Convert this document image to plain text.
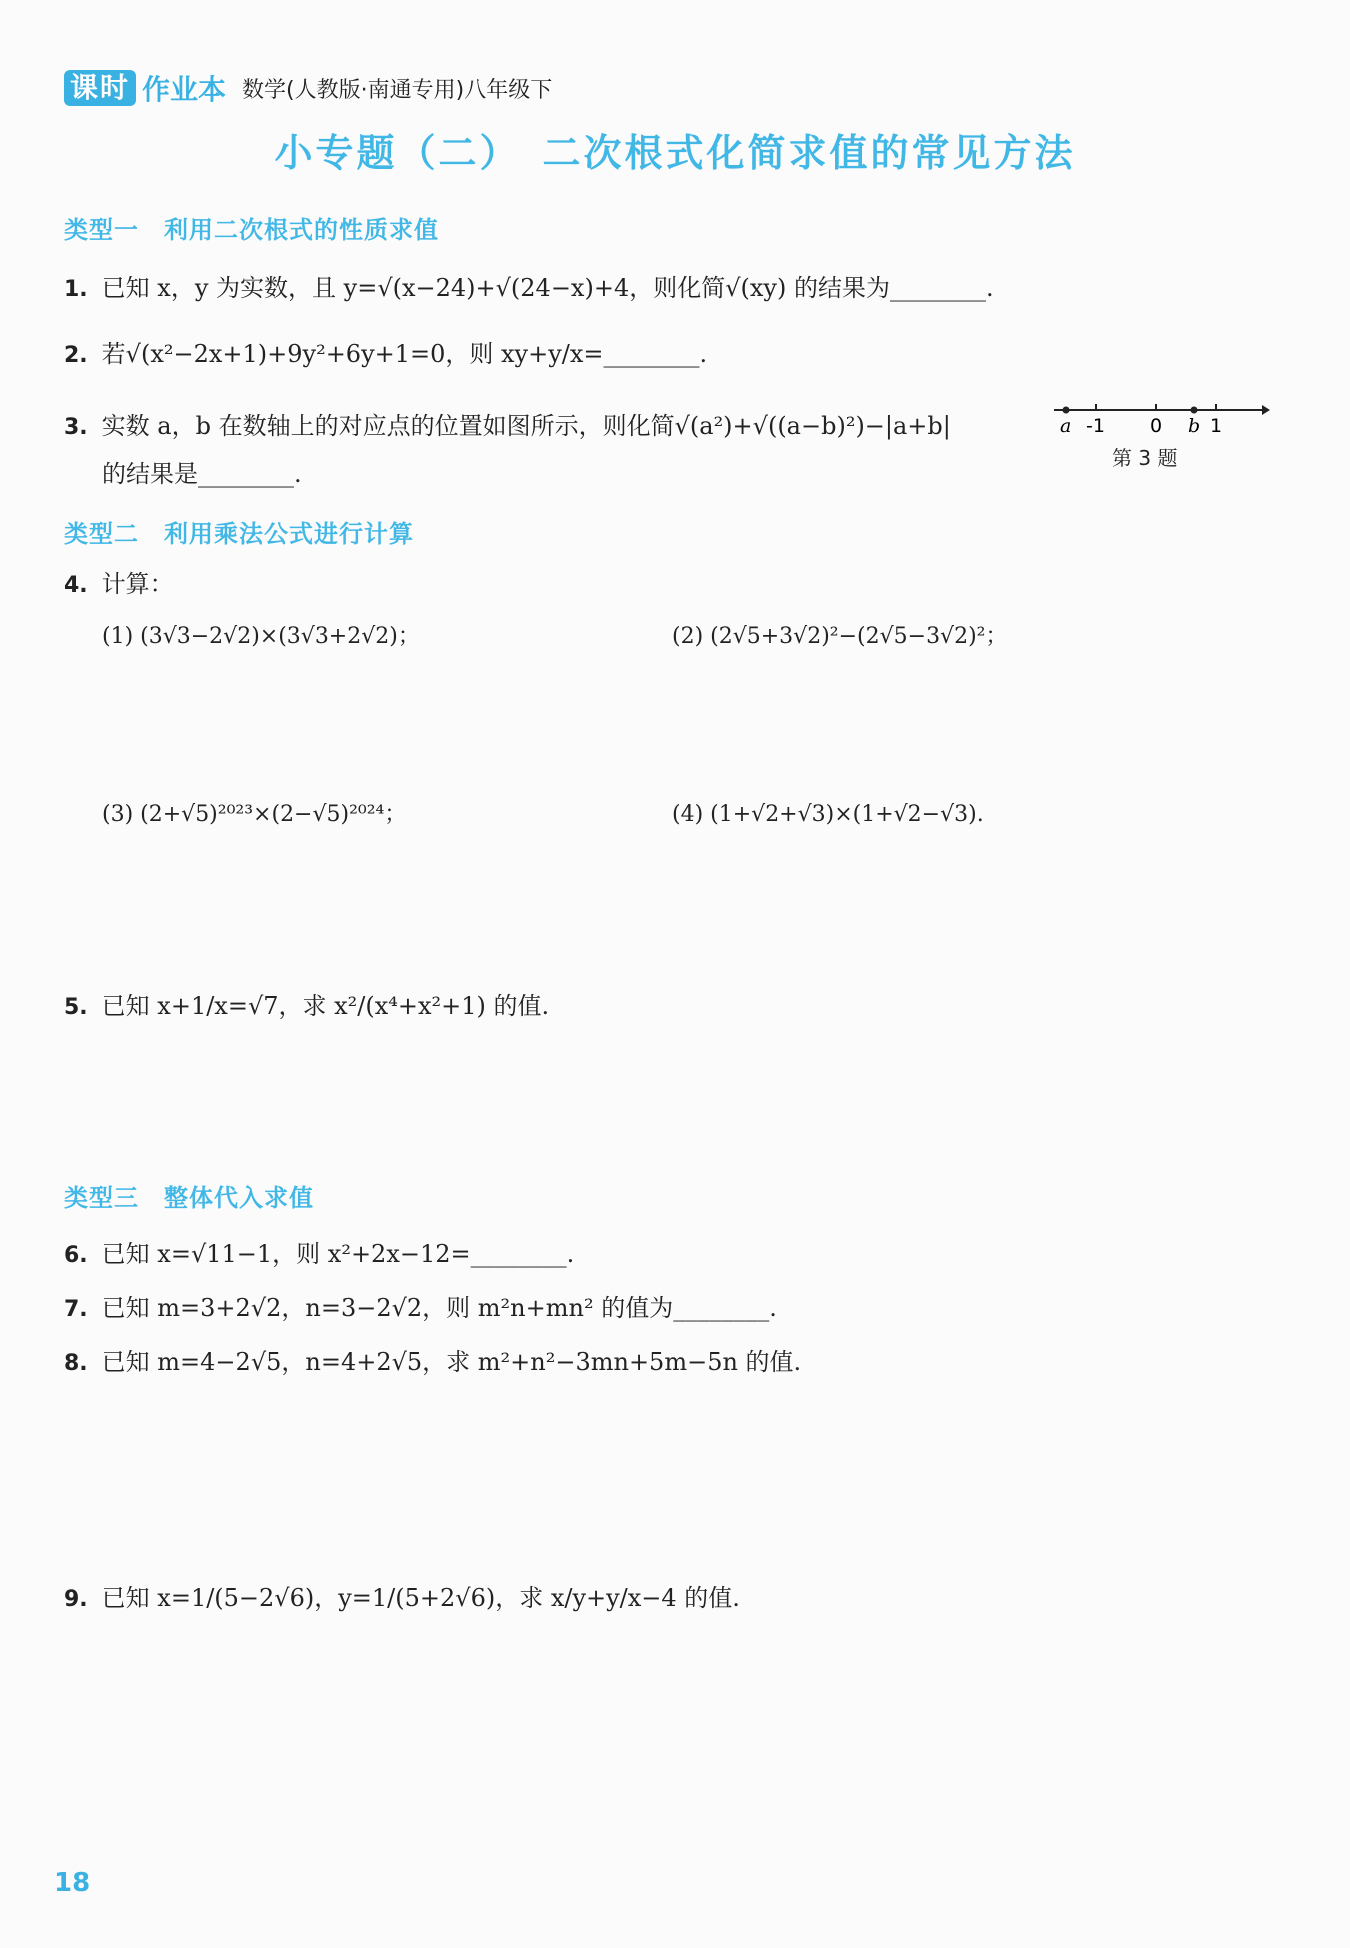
课时 作业本 数学(人教版·南通专用)八年级下
小专题（二）　二次根式化简求值的常见方法
类型一　利用二次根式的性质求值
1. 已知 x，y 为实数，且 y=√(x−24)+√(24−x)+4，则化简√(xy) 的结果为________.
2. 若√(x²−2x+1)+9y²+6y+1=0，则 xy+y/x=________.
3. 实数 a，b 在数轴上的对应点的位置如图所示，则化简√(a²)+√((a−b)²)−|a+b|
的结果是________.
a -1 0 b 1
第 3 题
类型二　利用乘法公式进行计算
4. 计算：
(1) (3√3−2√2)×(3√3+2√2)；	(2) (2√5+3√2)²−(2√5−3√2)²；
(3) (2+√5)²⁰²³×(2−√5)²⁰²⁴；	(4) (1+√2+√3)×(1+√2−√3).
5. 已知 x+1/x=√7，求 x²/(x⁴+x²+1) 的值.
类型三　整体代入求值
6. 已知 x=√11−1，则 x²+2x−12=________.
7. 已知 m=3+2√2，n=3−2√2，则 m²n+mn² 的值为________.
8. 已知 m=4−2√5，n=4+2√5，求 m²+n²−3mn+5m−5n 的值.
9. 已知 x=1/(5−2√6)，y=1/(5+2√6)，求 x/y+y/x−4 的值.
18
